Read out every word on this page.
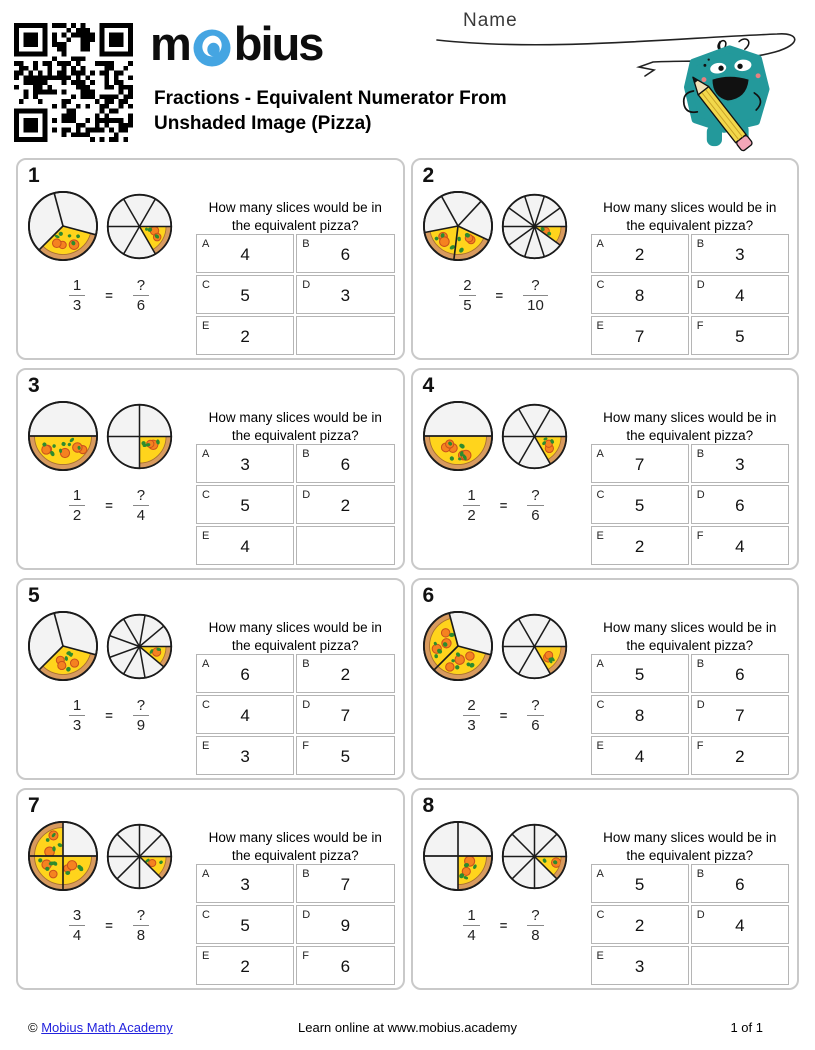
m bius
Fractions - Equivalent Numerator From
Unshaded Image (Pizza)
Name
1
$\frac{1}{3} = \frac{?}{6}$
How many slices would be in
the equivalent pizza?
A
4
B
6
C
5
D
3
E
2
2
$\frac{2}{5} = \frac{?}{10}$
How many slices would be in
the equivalent pizza?
A
2
B
3
C
8
D
4
E
7
F
5
3
$\frac{1}{2} = \frac{?}{4}$
How many slices would be in
the equivalent pizza?
A
3
B
6
C
5
D
2
E
4
4
$\frac{1}{2} = \frac{?}{6}$
How many slices would be in
the equivalent pizza?
A
7
B
3
C
5
D
6
E
2
F
4
5
$\frac{1}{3} = \frac{?}{9}$
How many slices would be in
the equivalent pizza?
A
6
B
2
C
4
D
7
E
3
F
5
6
$\frac{2}{3} = \frac{?}{6}$
How many slices would be in
the equivalent pizza?
A
5
B
6
C
8
D
7
E
4
F
2
7
$\frac{3}{4} = \frac{?}{8}$
How many slices would be in
the equivalent pizza?
A
3
B
7
C
5
D
9
E
2
F
6
8
$\frac{1}{4} = \frac{?}{8}$
How many slices would be in
the equivalent pizza?
A
5
B
6
C
2
D
4
E
3
© Mobius Math Academy	Learn online at www.mobius.academy	1 of 1
